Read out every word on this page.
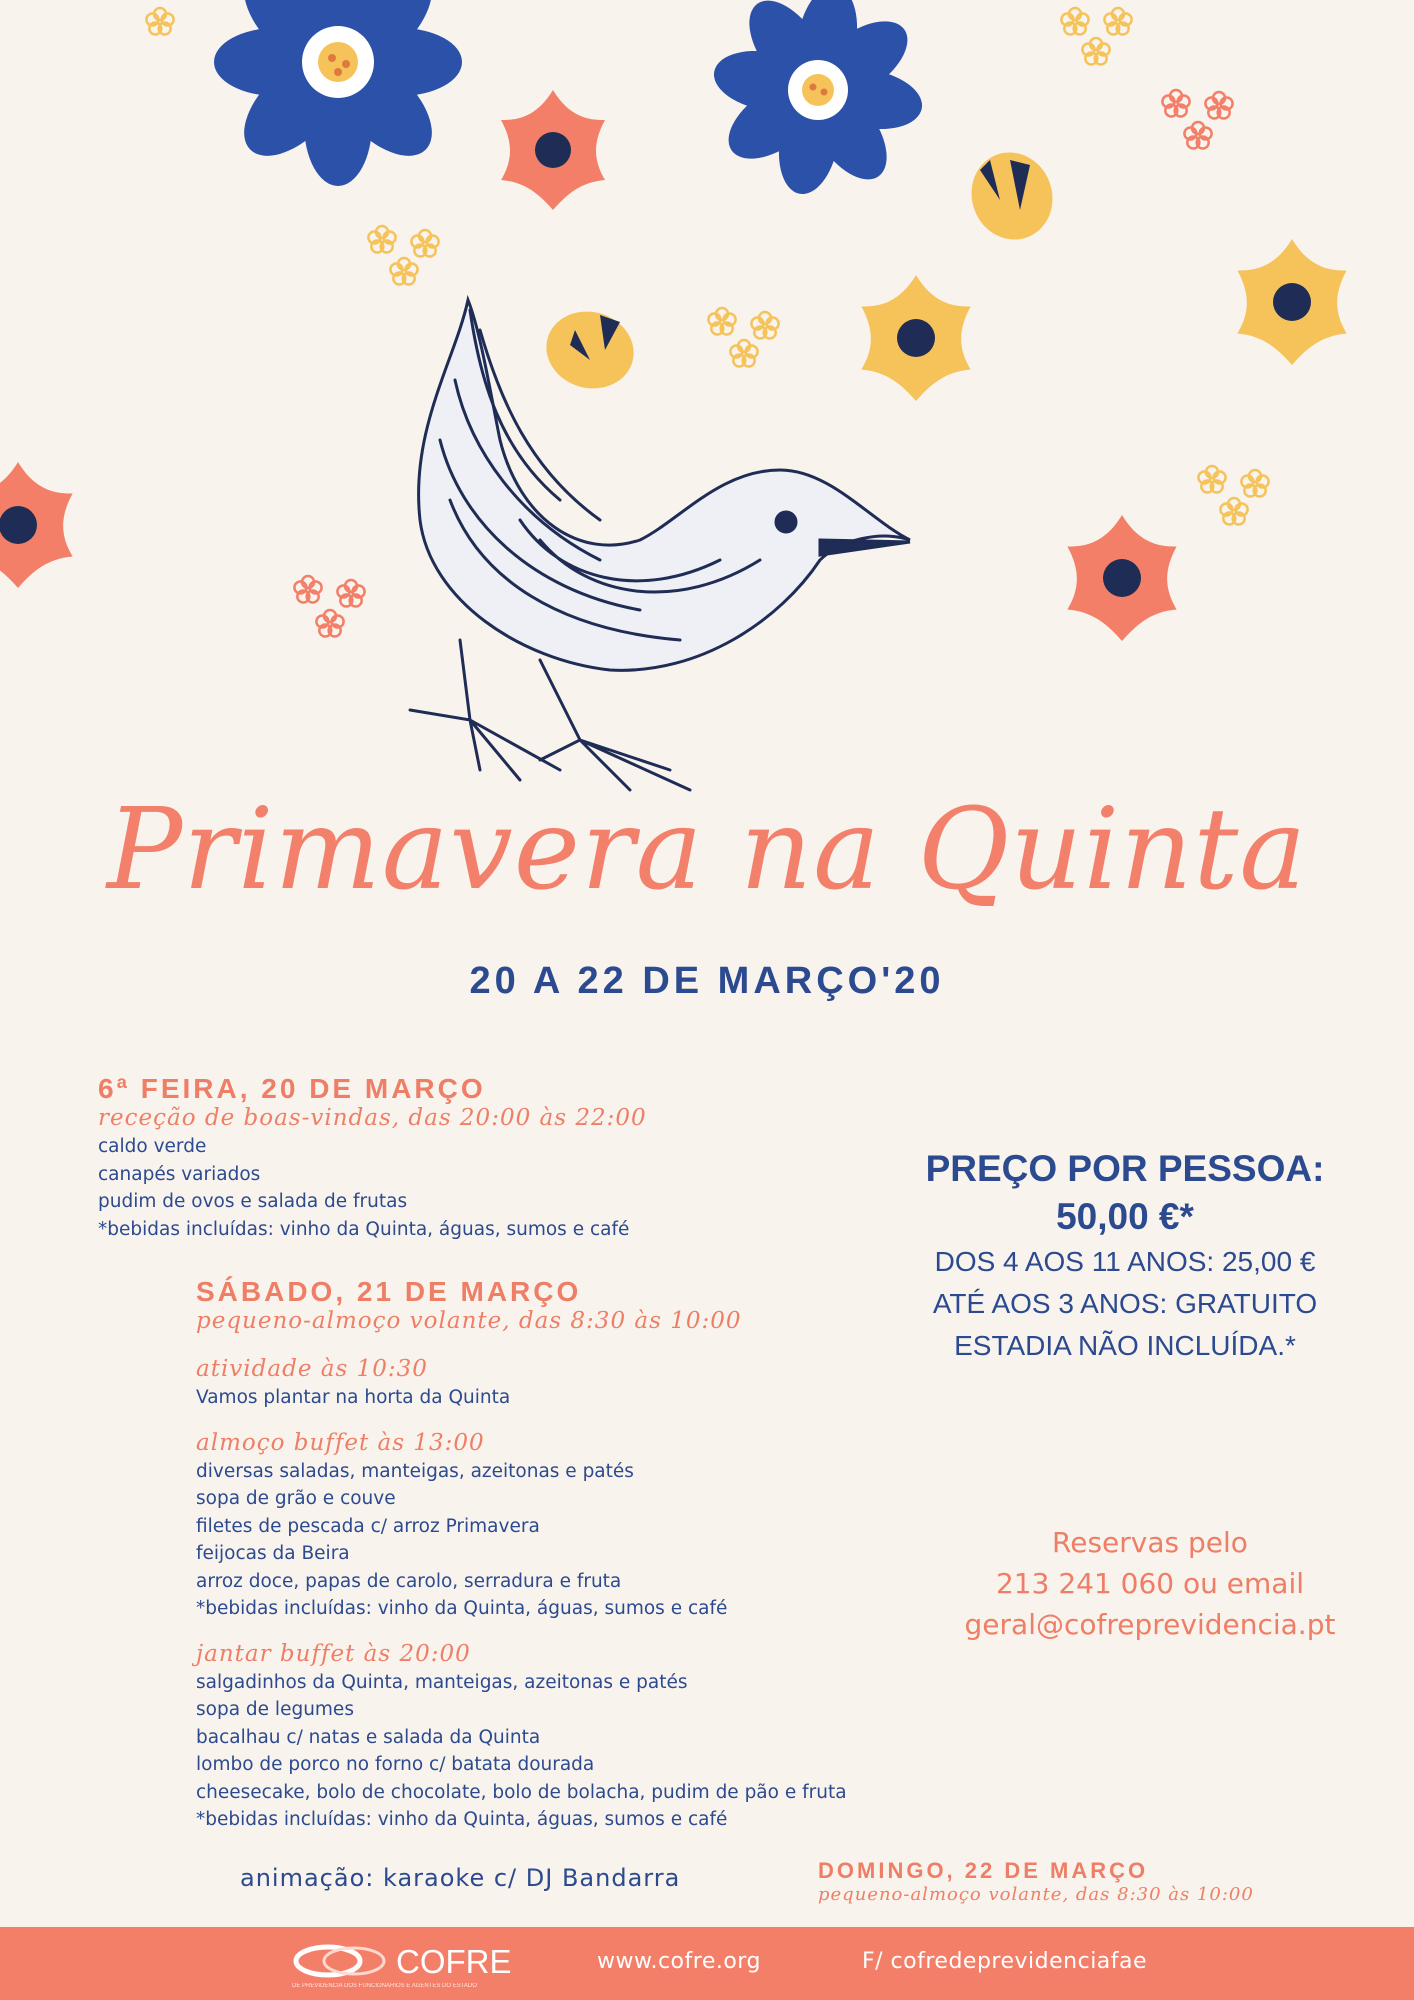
Primavera na Quinta
20 A 22 DE MARÇO'20
6ª FEIRA, 20 DE MARÇO
receção de boas-vindas, das 20:00 às 22:00
caldo verde
canapés variados
pudim de ovos e salada de frutas
*bebidas incluídas: vinho da Quinta, águas, sumos e café
SÁBADO, 21 DE MARÇO
pequeno-almoço volante, das 8:30 às 10:00
atividade às 10:30
Vamos plantar na horta da Quinta
almoço buffet às 13:00
diversas saladas, manteigas, azeitonas e patés
sopa de grão e couve
filetes de pescada c/ arroz Primavera
feijocas da Beira
arroz doce, papas de carolo, serradura e fruta
*bebidas incluídas: vinho da Quinta, águas, sumos e café
jantar buffet às 20:00
salgadinhos da Quinta, manteigas, azeitonas e patés
sopa de legumes
bacalhau c/ natas e salada da Quinta
lombo de porco no forno c/ batata dourada
cheesecake, bolo de chocolate, bolo de bolacha, pudim de pão e fruta
*bebidas incluídas: vinho da Quinta, águas, sumos e café
animação: karaoke c/ DJ Bandarra	DOMINGO, 22 DE MARÇO
pequeno-almoço volante, das 8:30 às 10:00
PREÇO POR PESSOA:
50,00 €*
DOS 4 AOS 11 ANOS: 25,00 €
ATÉ AOS 3 ANOS: GRATUITO
ESTADIA NÃO INCLUÍDA.*
Reservas pelo
213 241 060 ou email
geral@cofreprevidencia.pt
COFRE
DE PREVIDÊNCIA DOS FUNCIONÁRIOS E AGENTES DO ESTADO
www.cofre.org	F/ cofredeprevidenciafae
